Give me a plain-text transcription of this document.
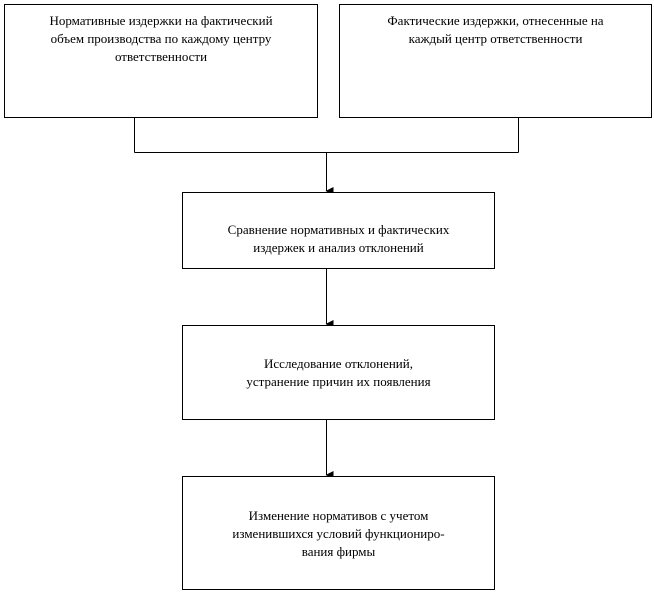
Нормативные издержки на фактический
объем производства по каждому центру
ответственности
Фактические издержки, отнесенные на
каждый центр ответственности
Сравнение нормативных и фактических
издержек и анализ отклонений
Исследование отклонений,
устранение причин их появления
Изменение нормативов с учетом
изменившихся условий функциониро-
вания фирмы
